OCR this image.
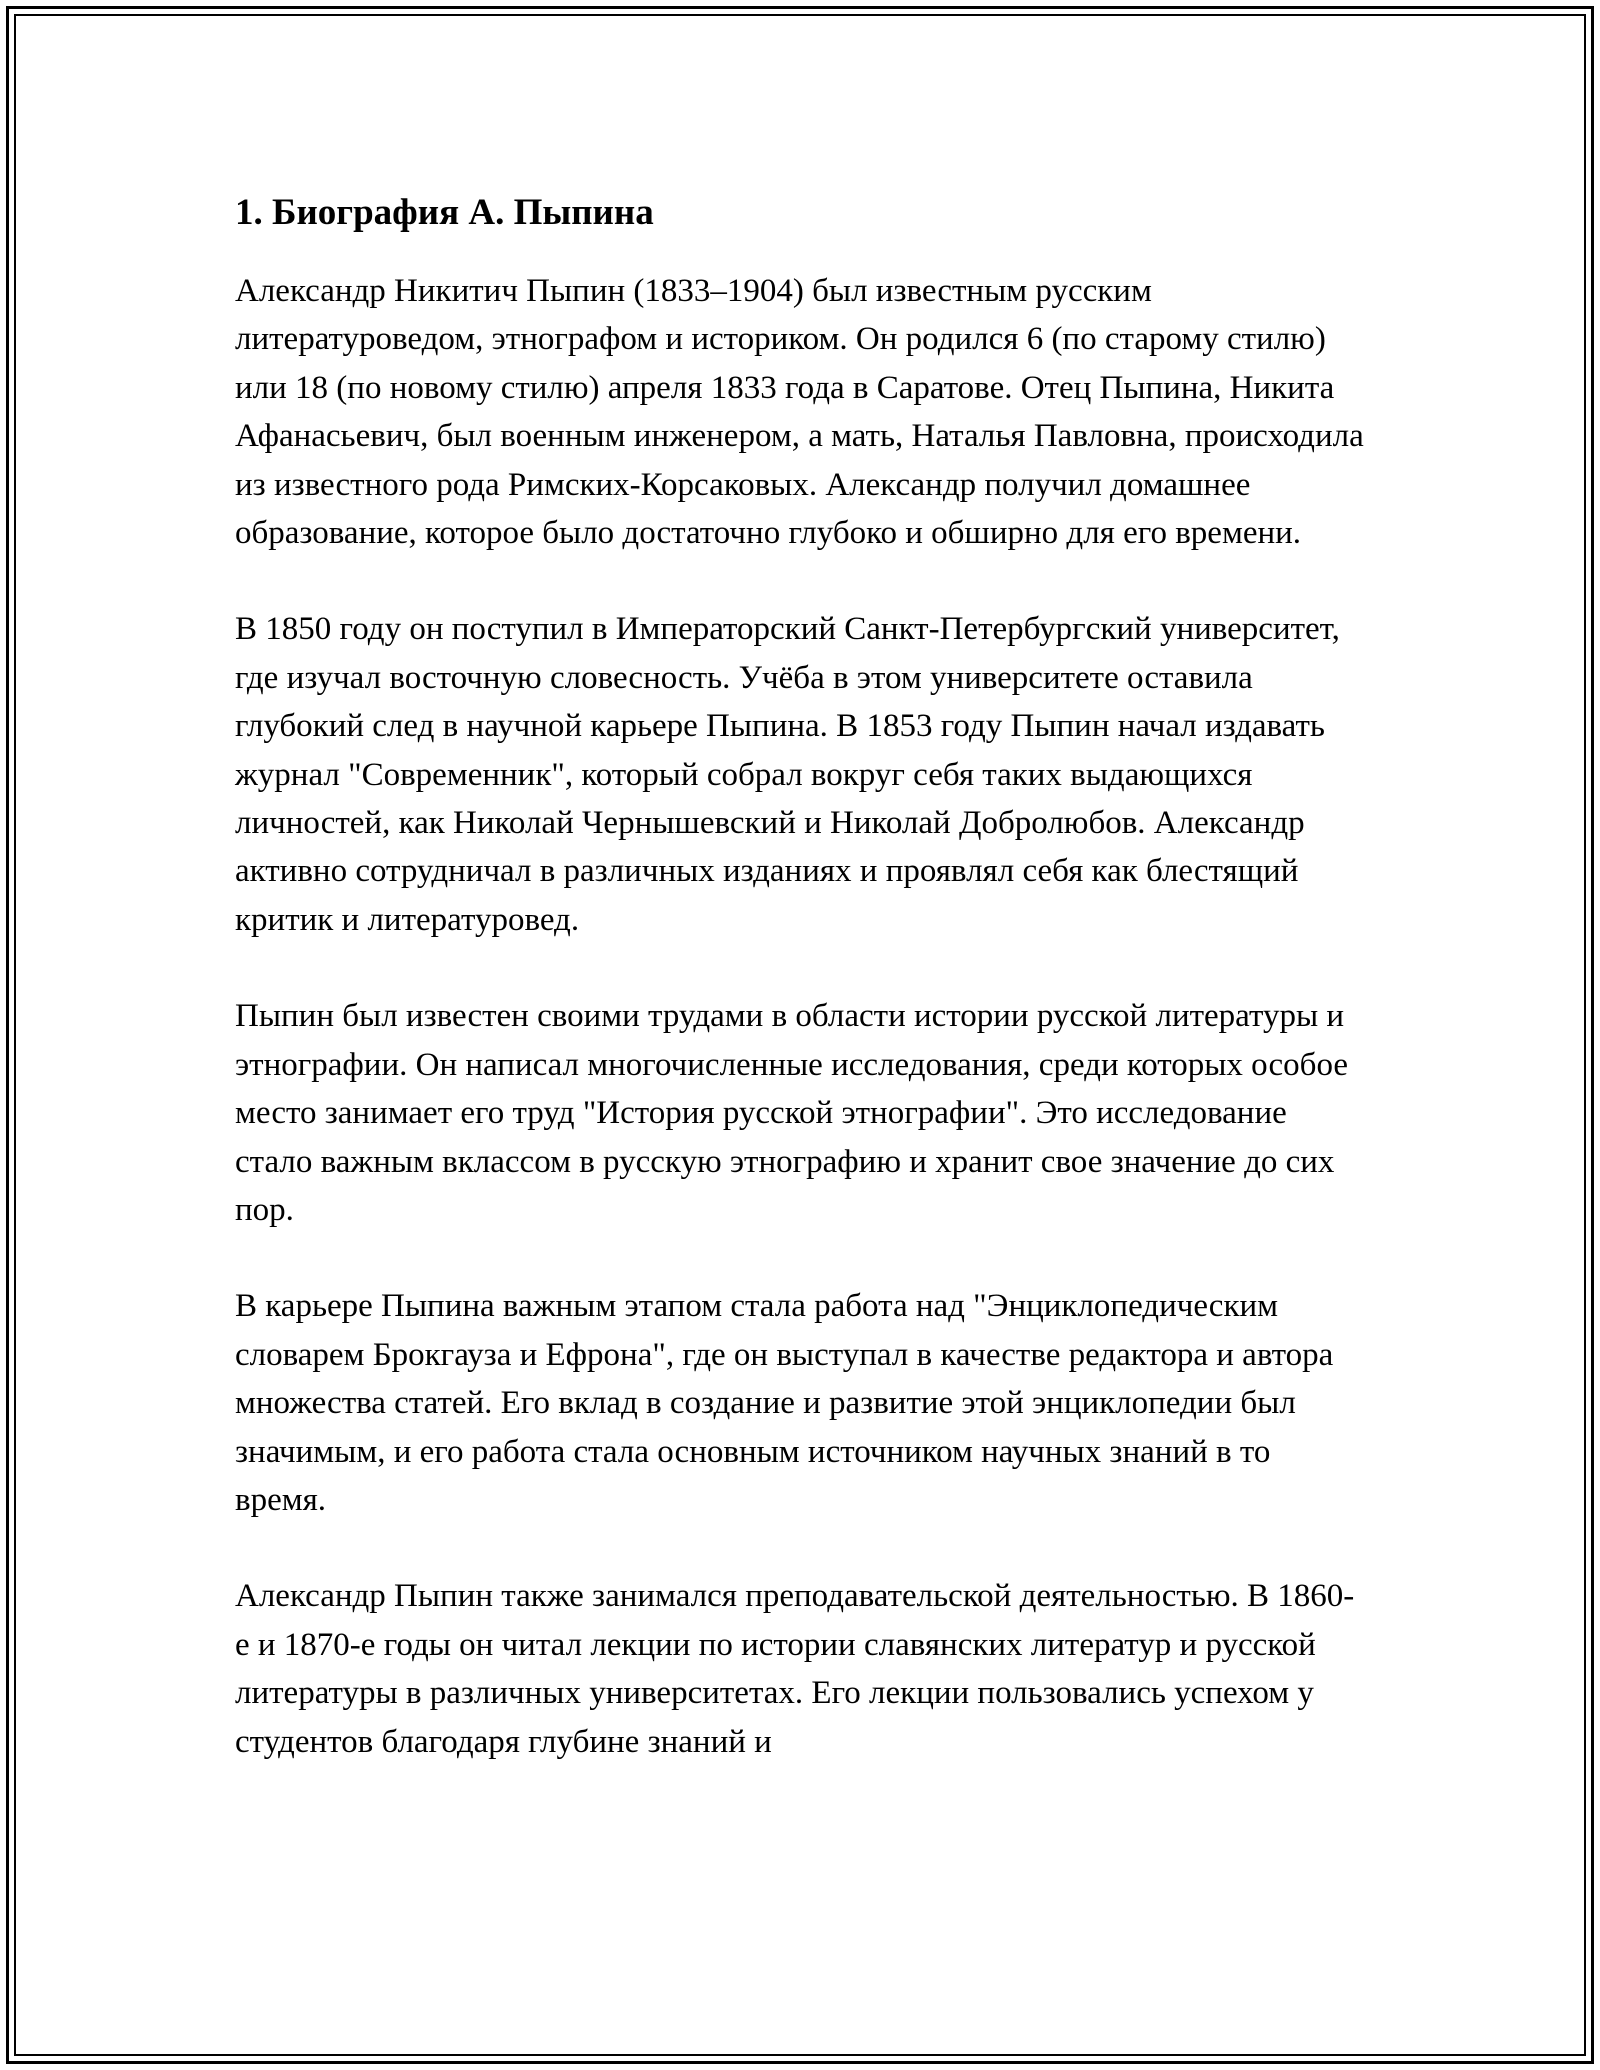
1. Биография А. Пыпина

Александр Никитич Пыпин (1833–1904) был известным русским литературоведом, этнографом и историком. Он родился 6 (по старому стилю) или 18 (по новому стилю) апреля 1833 года в Саратове. Отец Пыпина, Никита Афанасьевич, был военным инженером, а мать, Наталья Павловна, происходила из известного рода Римских-Корсаковых. Александр получил домашнее образование, которое было достаточно глубоко и обширно для его времени.

В 1850 году он поступил в Императорский Санкт-Петербургский университет, где изучал восточную словесность. Учёба в этом университете оставила глубокий след в научной карьере Пыпина. В 1853 году Пыпин начал издавать журнал "Современник", который собрал вокруг себя таких выдающихся личностей, как Николай Чернышевский и Николай Добролюбов. Александр активно сотрудничал в различных изданиях и проявлял себя как блестящий критик и литературовед.

Пыпин был известен своими трудами в области истории русской литературы и этнографии. Он написал многочисленные исследования, среди которых особое место занимает его труд "История русской этнографии". Это исследование стало важным вклассом в русскую этнографию и хранит свое значение до сих пор.

В карьере Пыпина важным этапом стала работа над "Энциклопедическим словарем Брокгауза и Ефрона", где он выступал в качестве редактора и автора множества статей. Его вклад в создание и развитие этой энциклопедии был значимым, и его работа стала основным источником научных знаний в то время.

Александр Пыпин также занимался преподавательской деятельностью. В 1860-е и 1870-е годы он читал лекции по истории славянских литератур и русской литературы в различных университетах. Его лекции пользовались успехом у студентов благодаря глубине знаний и
